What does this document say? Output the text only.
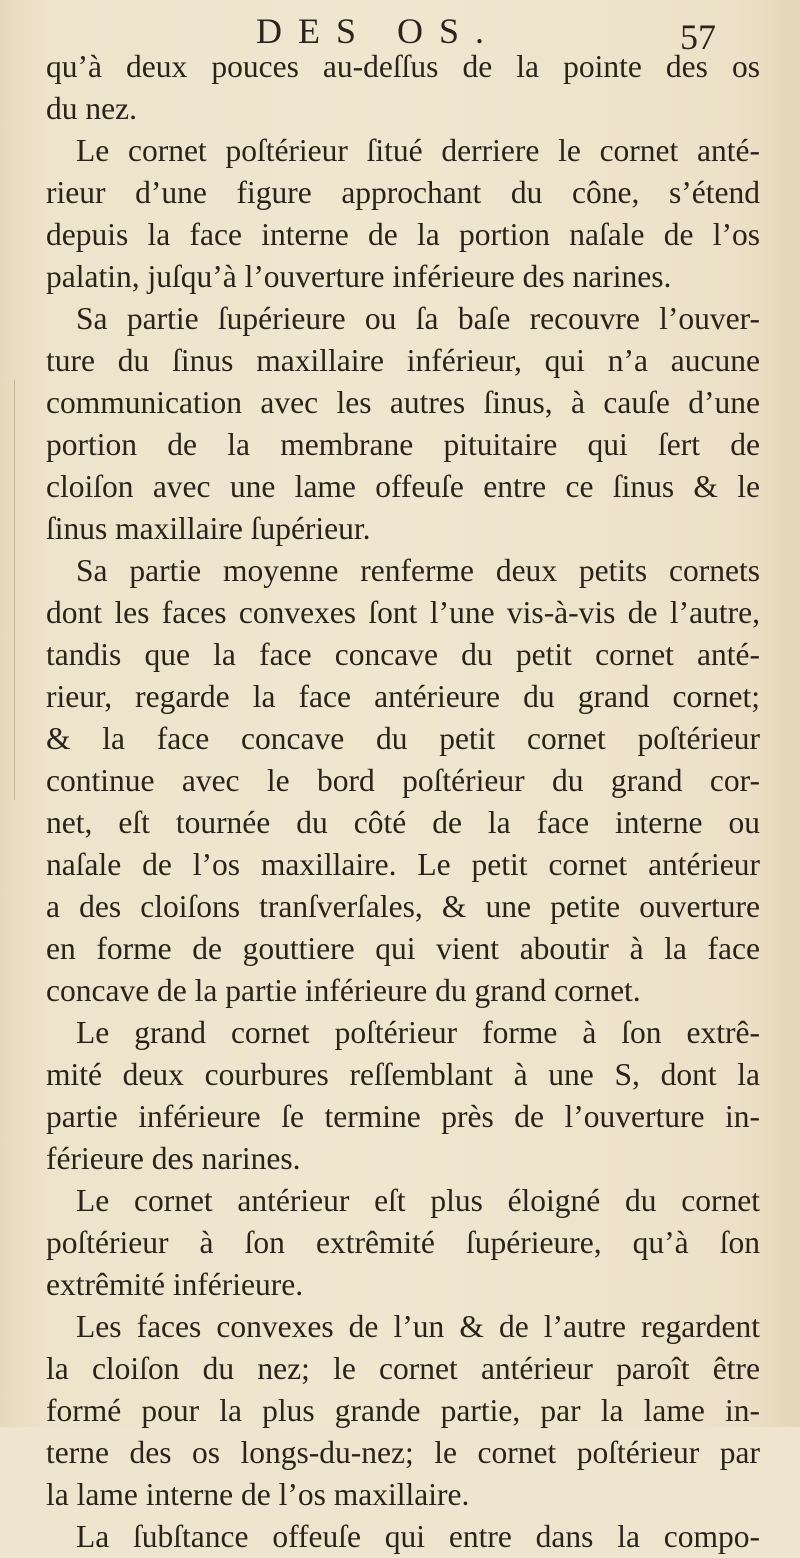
DES OS.	57
qu’à deux pouces au-deſſus de la pointe des os
du nez.
Le cornet poſtérieur ſitué derriere le cornet anté-
rieur d’une figure approchant du cône, s’étend
depuis la face interne de la portion naſale de l’os
palatin, juſqu’à l’ouverture inférieure des narines.
Sa partie ſupérieure ou ſa baſe recouvre l’ouver-
ture du ſinus maxillaire inférieur, qui n’a aucune
communication avec les autres ſinus, à cauſe d’une
portion de la membrane pituitaire qui ſert de
cloiſon avec une lame offeuſe entre ce ſinus & le
ſinus maxillaire ſupérieur.
Sa partie moyenne renferme deux petits cornets
dont les faces convexes ſont l’une vis-à-vis de l’autre,
tandis que la face concave du petit cornet anté-
rieur, regarde la face antérieure du grand cornet;
& la face concave du petit cornet poſtérieur
continue avec le bord poſtérieur du grand cor-
net, eſt tournée du côté de la face interne ou
naſale de l’os maxillaire. Le petit cornet antérieur
a des cloiſons tranſverſales, & une petite ouverture
en forme de gouttiere qui vient aboutir à la face
concave de la partie inférieure du grand cornet.
Le grand cornet poſtérieur forme à ſon extrê-
mité deux courbures reſſemblant à une S, dont la
partie inférieure ſe termine près de l’ouverture in-
férieure des narines.
Le cornet antérieur eſt plus éloigné du cornet
poſtérieur à ſon extrêmité ſupérieure, qu’à ſon
extrêmité inférieure.
Les faces convexes de l’un & de l’autre regardent
la cloiſon du nez; le cornet antérieur paroît être
formé pour la plus grande partie, par la lame in-
terne des os longs-du-nez; le cornet poſtérieur par
la lame interne de l’os maxillaire.
La ſubſtance offeuſe qui entre dans la compo-
